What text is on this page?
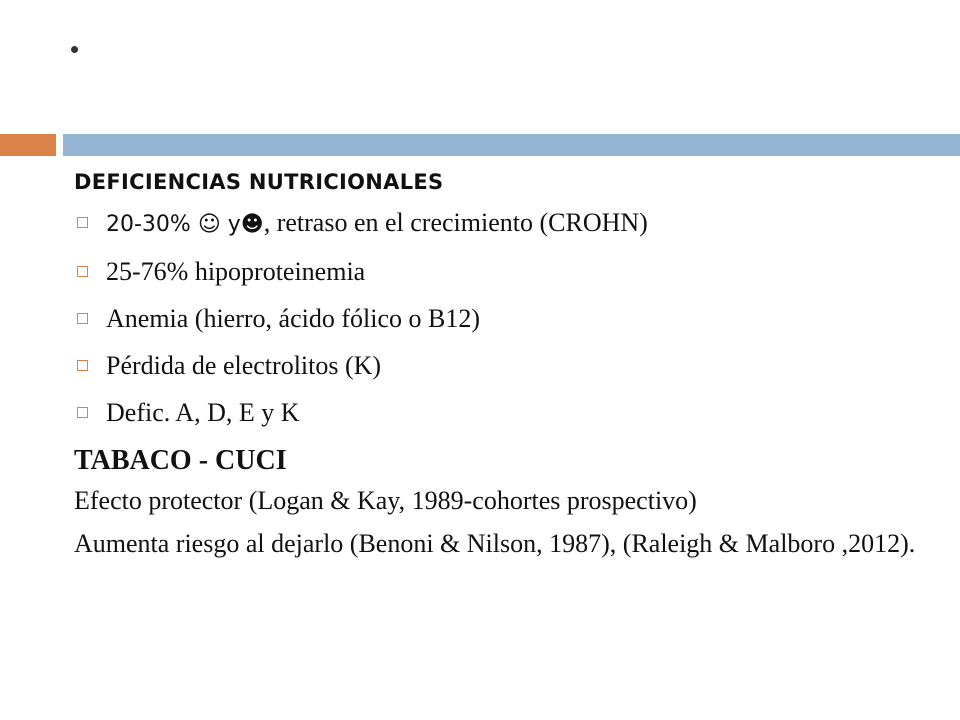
DEFICIENCIAS NUTRICIONALES
20-30% ☺ y☻, retraso en el crecimiento (CROHN)
25-76% hipoproteinemia
Anemia (hierro, ácido fólico o B12)
Pérdida de electrolitos (K)
Defic. A, D, E y K
TABACO - CUCI

Efecto protector (Logan & Kay, 1989-cohortes prospectivo)

Aumenta riesgo al dejarlo (Benoni & Nilson, 1987), (Raleigh & Malboro ,2012).
